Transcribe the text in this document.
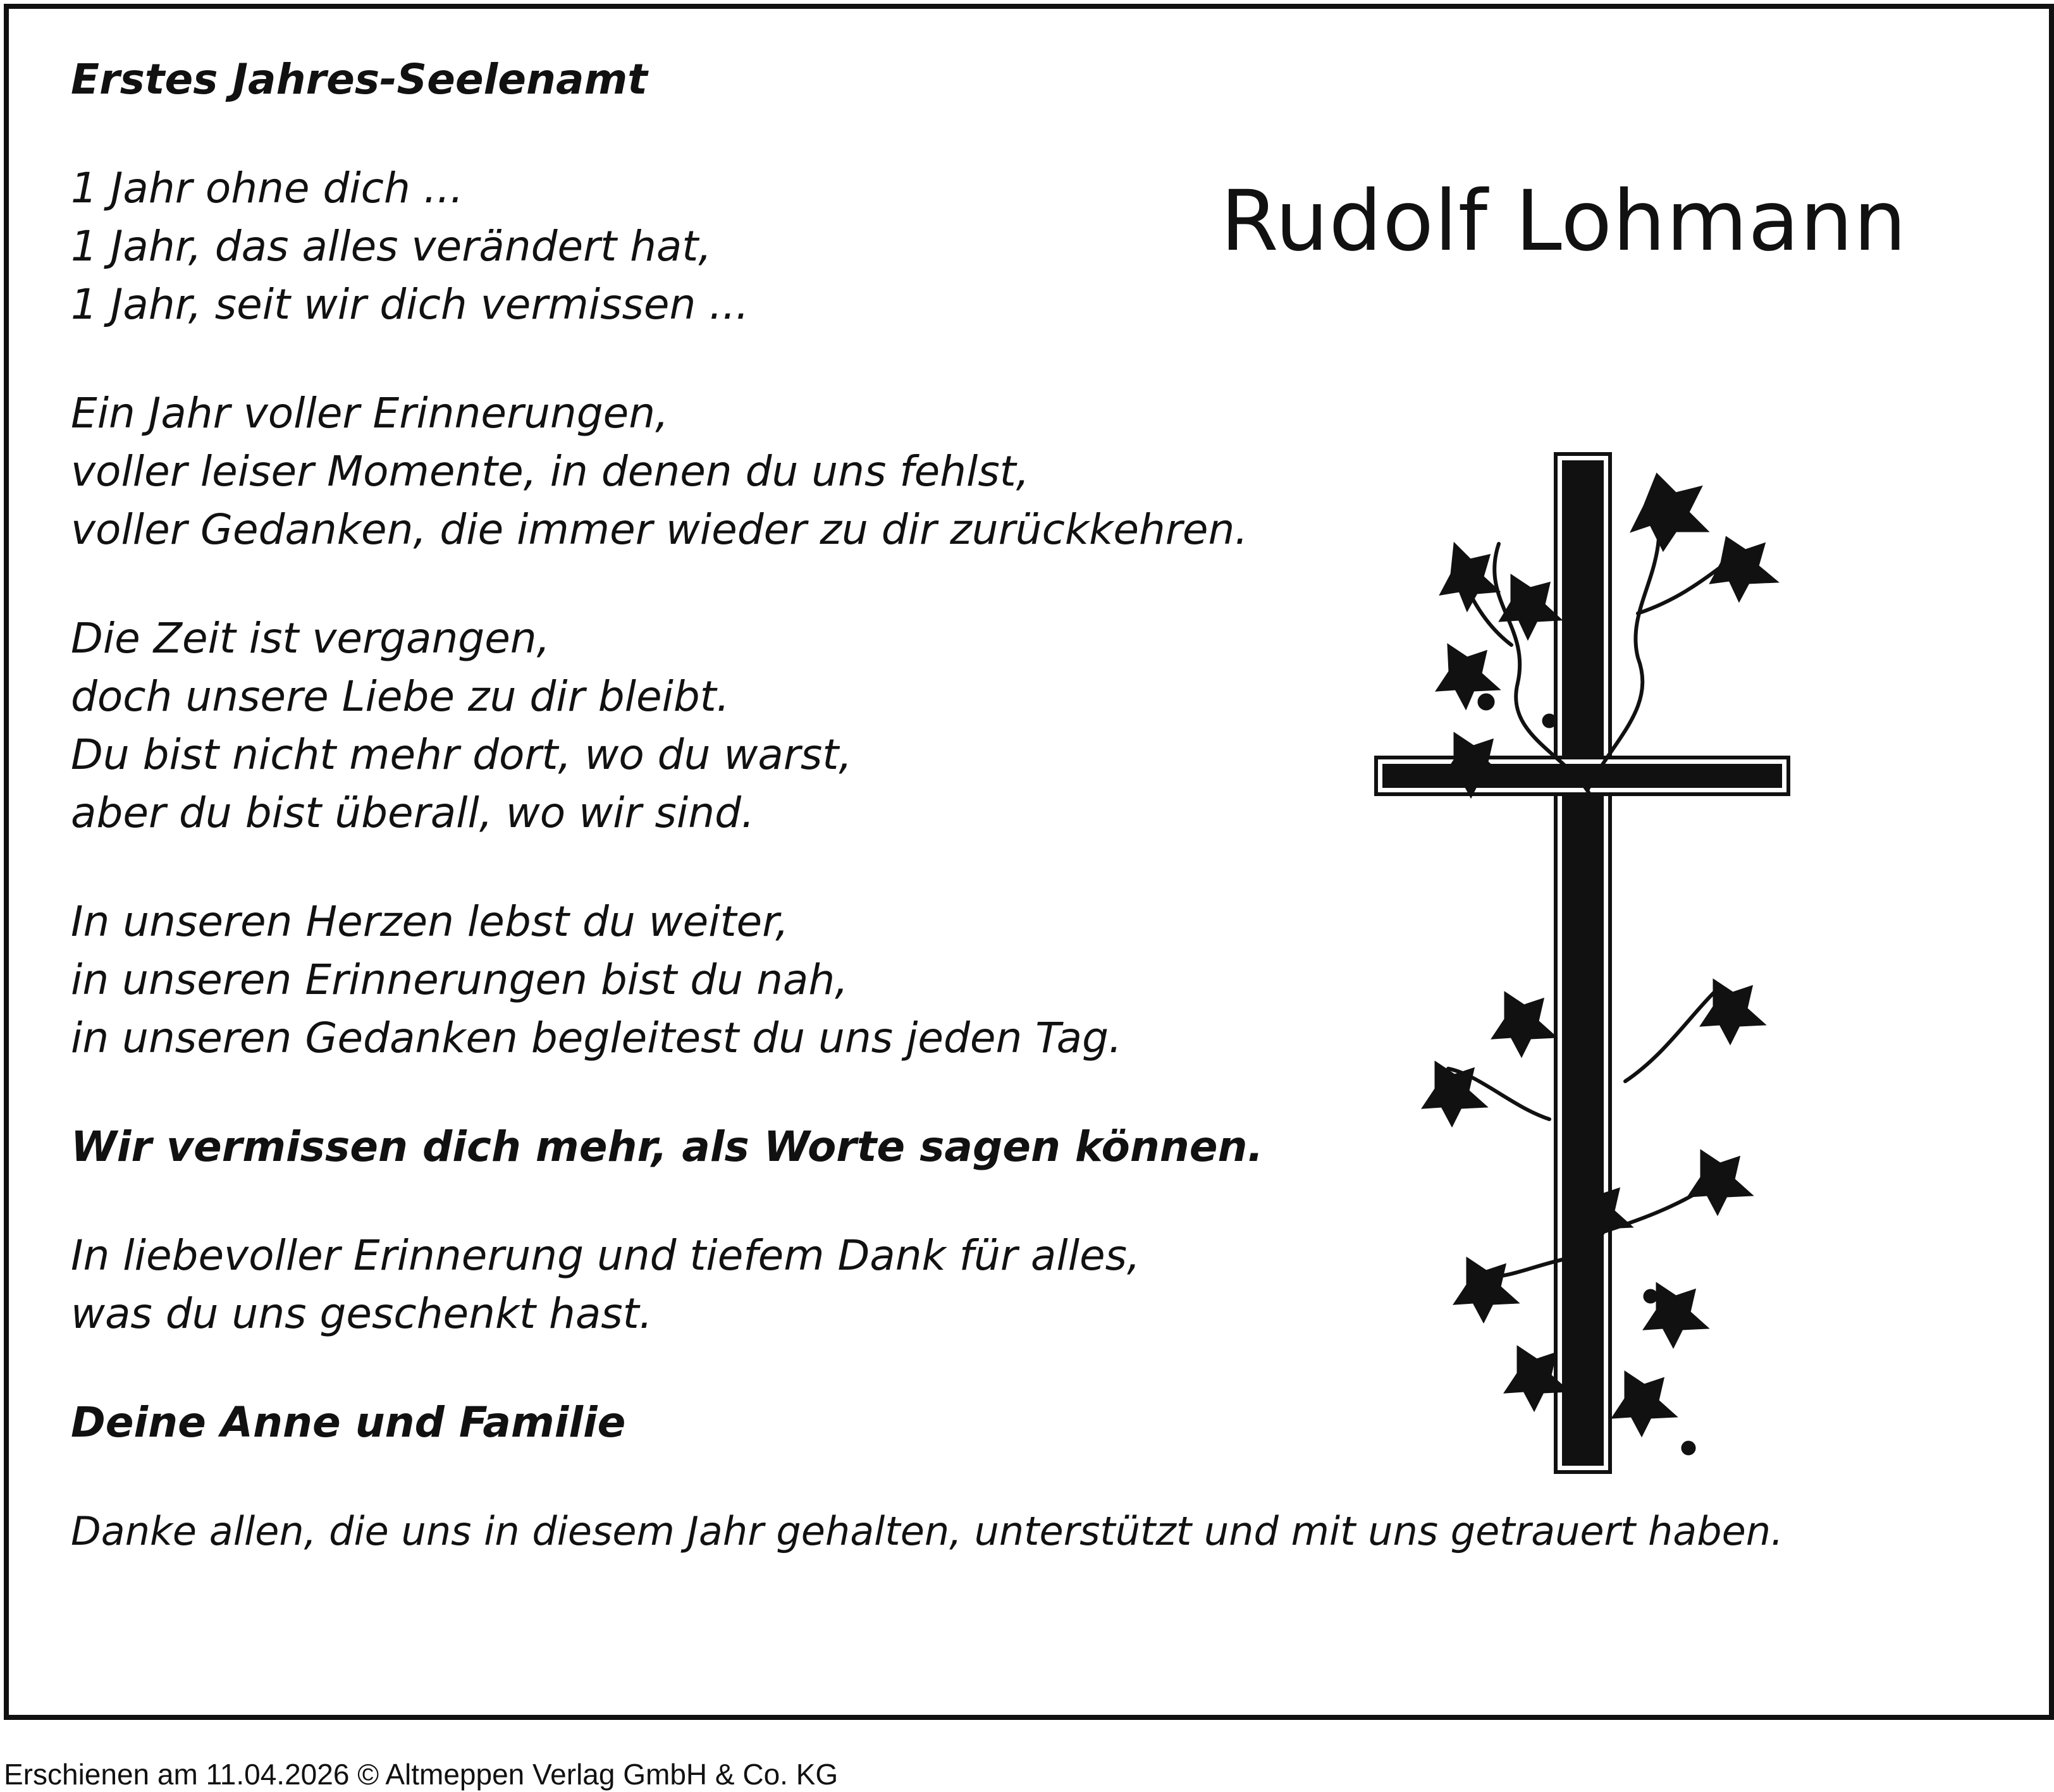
Erstes Jahres-Seelenamt
1 Jahr ohne dich ...
1 Jahr, das alles verändert hat,
1 Jahr, seit wir dich vermissen ...
Ein Jahr voller Erinnerungen,
voller leiser Momente, in denen du uns fehlst,
voller Gedanken, die immer wieder zu dir zurückkehren.
Die Zeit ist vergangen,
doch unsere Liebe zu dir bleibt.
Du bist nicht mehr dort, wo du warst,
aber du bist überall, wo wir sind.
In unseren Herzen lebst du weiter,
in unseren Erinnerungen bist du nah,
in unseren Gedanken begleitest du uns jeden Tag.
Wir vermissen dich mehr, als Worte sagen können.
In liebevoller Erinnerung und tiefem Dank für alles,
was du uns geschenkt hast.
Deine Anne und Familie
Danke allen, die uns in diesem Jahr gehalten, unterstützt und mit uns getrauert haben.
Rudolf Lohmann
Erschienen am 11.04.2026 © Altmeppen Verlag GmbH & Co. KG
